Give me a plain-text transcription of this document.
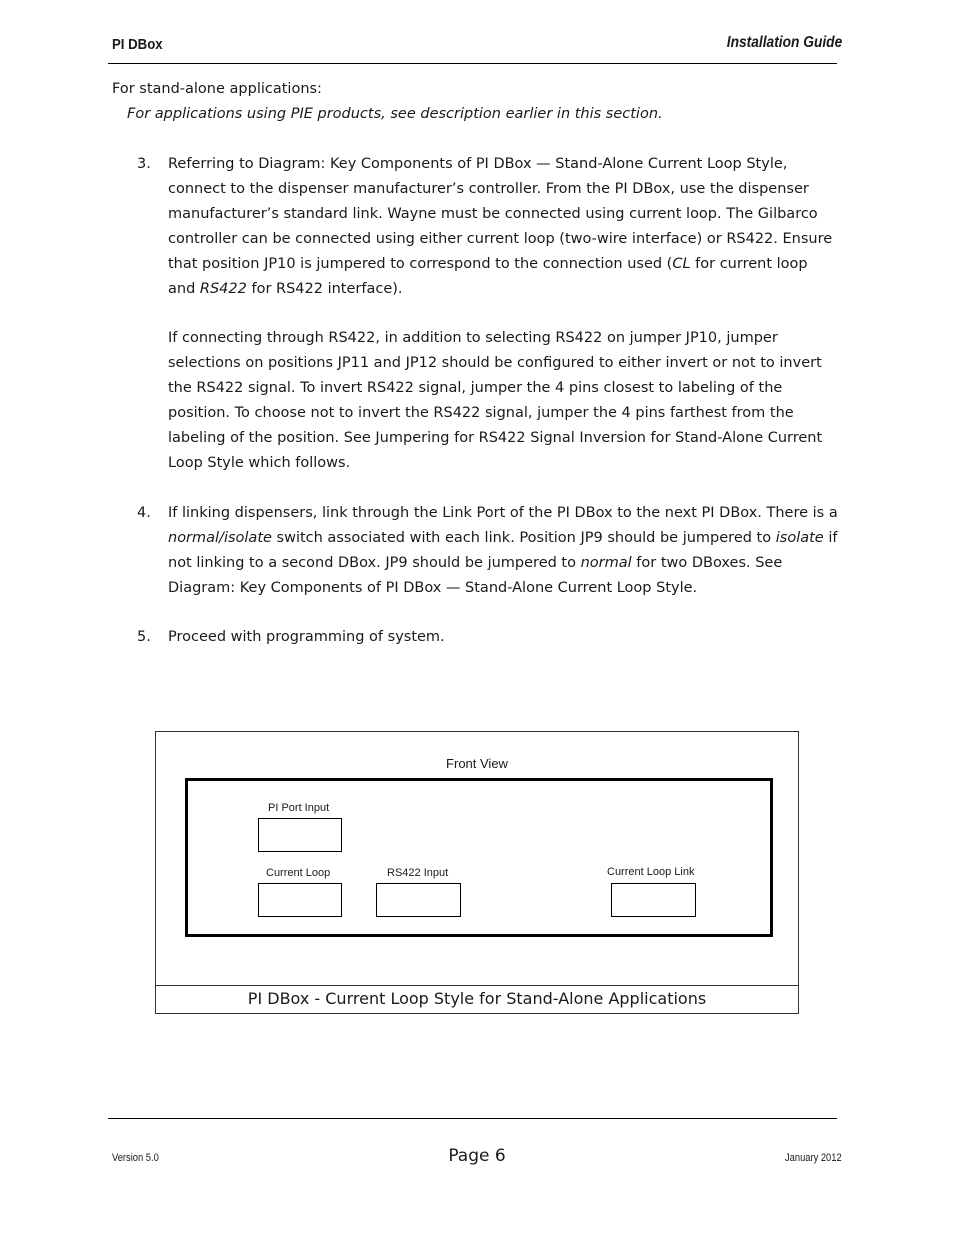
PI DBox	Installation Guide
For stand-alone applications:
For applications using PIE products, see description earlier in this section.
3. Referring to Diagram: Key Components of PI DBox — Stand-Alone Current Loop Style, connect to the dispenser manufacturer’s controller. From the PI DBox, use the dispenser manufacturer’s standard link. Wayne must be connected using current loop. The Gilbarco controller can be connected using either current loop (two-wire interface) or RS422. Ensure that position JP10 is jumpered to correspond to the connection used (CL for current loop and RS422 for RS422 interface).
If connecting through RS422, in addition to selecting RS422 on jumper JP10, jumper selections on positions JP11 and JP12 should be configured to either invert or not to invert the RS422 signal. To invert RS422 signal, jumper the 4 pins closest to labeling of the position. To choose not to invert the RS422 signal, jumper the 4 pins farthest from the labeling of the position. See Jumpering for RS422 Signal Inversion for Stand-Alone Current Loop Style which follows.
4. If linking dispensers, link through the Link Port of the PI DBox to the next PI DBox. There is a normal/isolate switch associated with each link. Position JP9 should be jumpered to isolate if not linking to a second DBox. JP9 should be jumpered to normal for two DBoxes. See Diagram: Key Components of PI DBox — Stand-Alone Current Loop Style.
5. Proceed with programming of system.
Front View
PI Port Input
Current Loop	RS422 Input	Current Loop Link
PI DBox - Current Loop Style for Stand-Alone Applications
Version 5.0	Page 6	January 2012
